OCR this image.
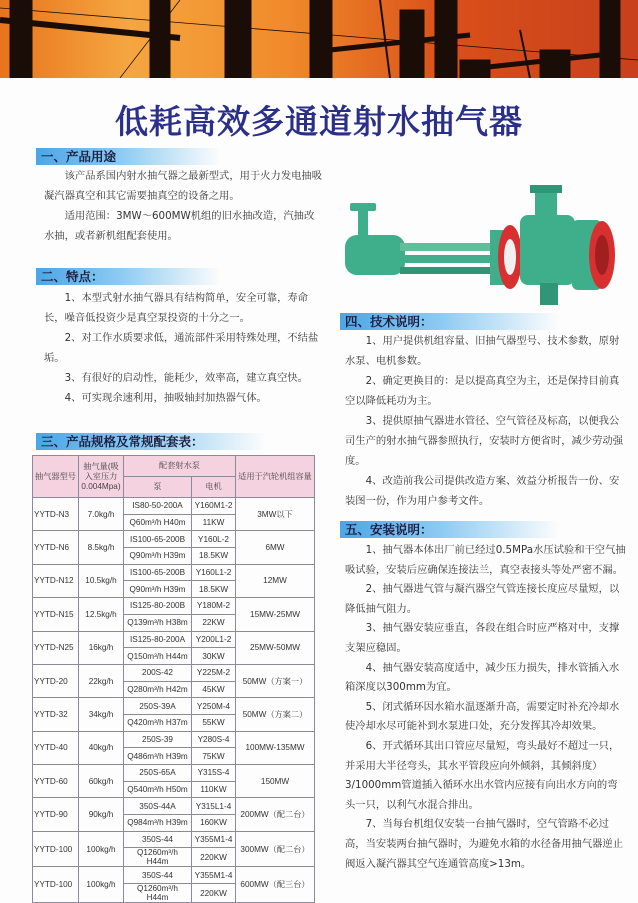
低耗高效多通道射水抽气器
一、产品用途

该产品系国内射水抽气器之最新型式，用于火力发电抽吸凝汽器真空和其它需要抽真空的设备之用。

适用范围：3MW～600MW机组的旧水抽改造，汽抽改水抽，或者新机组配套使用。

二、特点：

1、本型式射水抽气器具有结构简单，安全可靠，寿命长，噪音低投资少是真空泵投资的十分之一。

2、对工作水质要求低，通流部件采用特殊处理，不结盐垢。

3、有很好的启动性，能耗少，效率高，建立真空快。

4、可实现余速利用，抽吸轴封加热器气体。

三、产品规格及常规配套表：
抽气器型号	抽气量(吸入室压力0.004Mpa)	配套射水泵		适用于汽轮机组容量
		泵	电机	
YYTD-N3	7.0kg/h	IS80-50-200A	Y160M1-2	3MW以下
		Q60m³/h H40m	11KW	
YYTD-N6	8.5kg/h	IS100-65-200B	Y160L-2	6MW
		Q90m³/h H39m	18.5KW	
YYTD-N12	10.5kg/h	IS100-65-200B	Y160L1-2	12MW
		Q90m³/h H39m	18.5KW	
YYTD-N15	12.5kg/h	IS125-80-200B	Y180M-2	15MW-25MW
		Q139m³/h H38m	22KW	
YYTD-N25	16kg/h	IS125-80-200A	Y200L1-2	25MW-50MW
		Q150m³/h H44m	30KW	
YYTD-20	22kg/h	200S-42	Y225M-2	50MW（方案一）
		Q280m³/h H42m	45KW	
YYTD-32	34kg/h	250S-39A	Y250M-4	50MW（方案二）
		Q420m³/h H37m	55KW	
YYTD-40	40kg/h	250S-39	Y280S-4	100MW-135MW
		Q486m³/h H39m	75KW	
YYTD-60	60kg/h	250S-65A	Y315S-4	150MW
		Q540m³/h H50m	110KW	
YYTD-90	90kg/h	350S-44A	Y315L1-4	200MW（配二台）
		Q984m³/h H39m	160KW	
YYTD-100	100kg/h	350S-44	Y355M1-4	300MW（配二台）
		Q1260m³/h H44m	220KW	
YYTD-100	100kg/h	350S-44	Y355M1-4	600MW（配三台）
		Q1260m³/h H44m	220KW	
四、技术说明：

1、用户提供机组容量、旧抽气器型号、技术参数，原射水泵、电机参数。

2、确定更换目的：是以提高真空为主，还是保持目前真空以降低耗功为主。

3、提供原抽气器进水管径、空气管径及标高，以便我公司生产的射水抽气器参照执行，安装时方便省时，减少劳动强度。

4、改造前我公司提供改造方案、效益分析报告一份、安装图一份，作为用户参考文件。

五、安装说明：

1、抽气器本体出厂前已经过0.5MPa水压试验和干空气抽吸试验，安装后应确保连接法兰，真空表接头等处严密不漏。

2、抽气器进气管与凝汽器空气管连接长度应尽量短，以降低抽气阻力。

3、抽气器安装应垂直，各段在组合时应严格对中，支撑支架应稳固。

4、抽气器安装高度适中，减少压力损失，排水管插入水箱深度以300mm为宜。

5、闭式循环因水箱水温逐渐升高，需要定时补充冷却水使冷却水尽可能补到水泵进口处，充分发挥其冷却效果。

6、开式循环其出口管应尽量短，弯头最好不超过一只，并采用大半径弯头，其水平管段应向外倾斜，其倾斜度）3/1000mm管道插入循环水出水管内应接有向出水方向的弯头一只，以利气水混合排出。

7、当每台机组仅安装一台抽气器时，空气管路不必过高，当安装两台抽气器时，为避免水箱的水径备用抽气器逆止阀返入凝汽器其空气连通管高度>13m。
